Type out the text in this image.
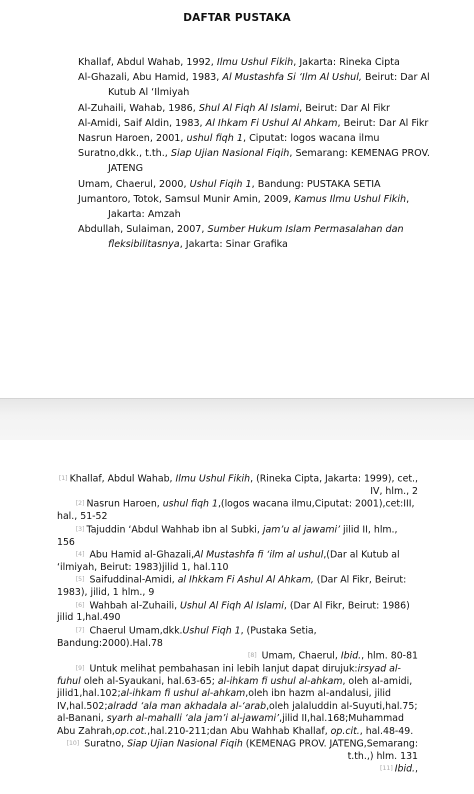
DAFTAR PUSTAKA
Khallaf, Abdul Wahab, 1992, Ilmu Ushul Fikih, Jakarta: Rineka Cipta
Al-Ghazali, Abu Hamid, 1983, Al Mustashfa Si ‘Ilm Al Ushul, Beirut: Dar Al Kutub Al ‘Ilmiyah
Al-Zuhaili, Wahab, 1986, Shul Al Fiqh Al Islami, Beirut: Dar Al Fikr
Al-Amidi, Saif Aldin, 1983, Al Ihkam Fi Ushul Al Ahkam, Beirut: Dar Al Fikr
Nasrun Haroen, 2001, ushul fiqh 1, Ciputat: logos wacana ilmu
Suratno,dkk., t.th., Siap Ujian Nasional Fiqih, Semarang: KEMENAG PROV. JATENG
Umam, Chaerul, 2000, Ushul Fiqih 1, Bandung: PUSTAKA SETIA
Jumantoro, Totok, Samsul Munir Amin, 2009, Kamus Ilmu Ushul Fikih, Jakarta: Amzah
Abdullah, Sulaiman, 2007, Sumber Hukum Islam Permasalahan dan fleksibilitasnya, Jakarta: Sinar Grafika
[1] Khallaf, Abdul Wahab, Ilmu Ushul Fikih, (Rineka Cipta, Jakarta: 1999), cet., IV, hlm., 2
  [2] Nasrun Haroen, ushul fiqh 1,(logos wacana ilmu,Ciputat: 2001),cet:III, hal., 51-52
  [3] Tajuddin ‘Abdul Wahhab ibn al Subki, jam’u al jawami’ jilid II, hlm., 156
  [4] Abu Hamid al-Ghazali,Al Mustashfa fi ‘ilm al ushul,(Dar al Kutub al ‘ilmiyah, Beirut: 1983)jilid 1, hal.110
  [5] Saifuddinal-Amidi, al Ihkkam Fi Ashul Al Ahkam, (Dar Al Fikr, Beirut: 1983), jilid, 1 hlm., 9
  [6] Wahbah al-Zuhaili, Ushul Al Fiqh Al Islami, (Dar Al Fikr, Beirut: 1986) jilid 1,hal.490
  [7] Chaerul Umam,dkk.Ushul Fiqh 1, (Pustaka Setia, Bandung:2000).Hal.78
[8] Umam, Chaerul, Ibid., hlm. 80-81
  [9] Untuk melihat pembahasan ini lebih lanjut dapat dirujuk:irsyad al-fuhul oleh al-Syaukani, hal.63-65; al-ihkam fi ushul al-ahkam, oleh al-amidi, jilid1,hal.102;al-ihkam fi ushul al-ahkam,oleh ibn hazm al-andalusi, jilid IV,hal.502;alradd ‘ala man akhadala al-‘arab,oleh jalaluddin al-Suyuti,hal.75; al-Banani, syarh al-mahalli ‘ala jam’i al-jawami’,jilid II,hal.168;Muhammad Abu Zahrah,op.cot.,hal.210-211;dan Abu Wahhab Khallaf, op.cit., hal.48-49.
[10] Suratno, Siap Ujian Nasional Fiqih (KEMENAG PROV. JATENG,Semarang: t.th.,) hlm. 131
[11] Ibid.,
